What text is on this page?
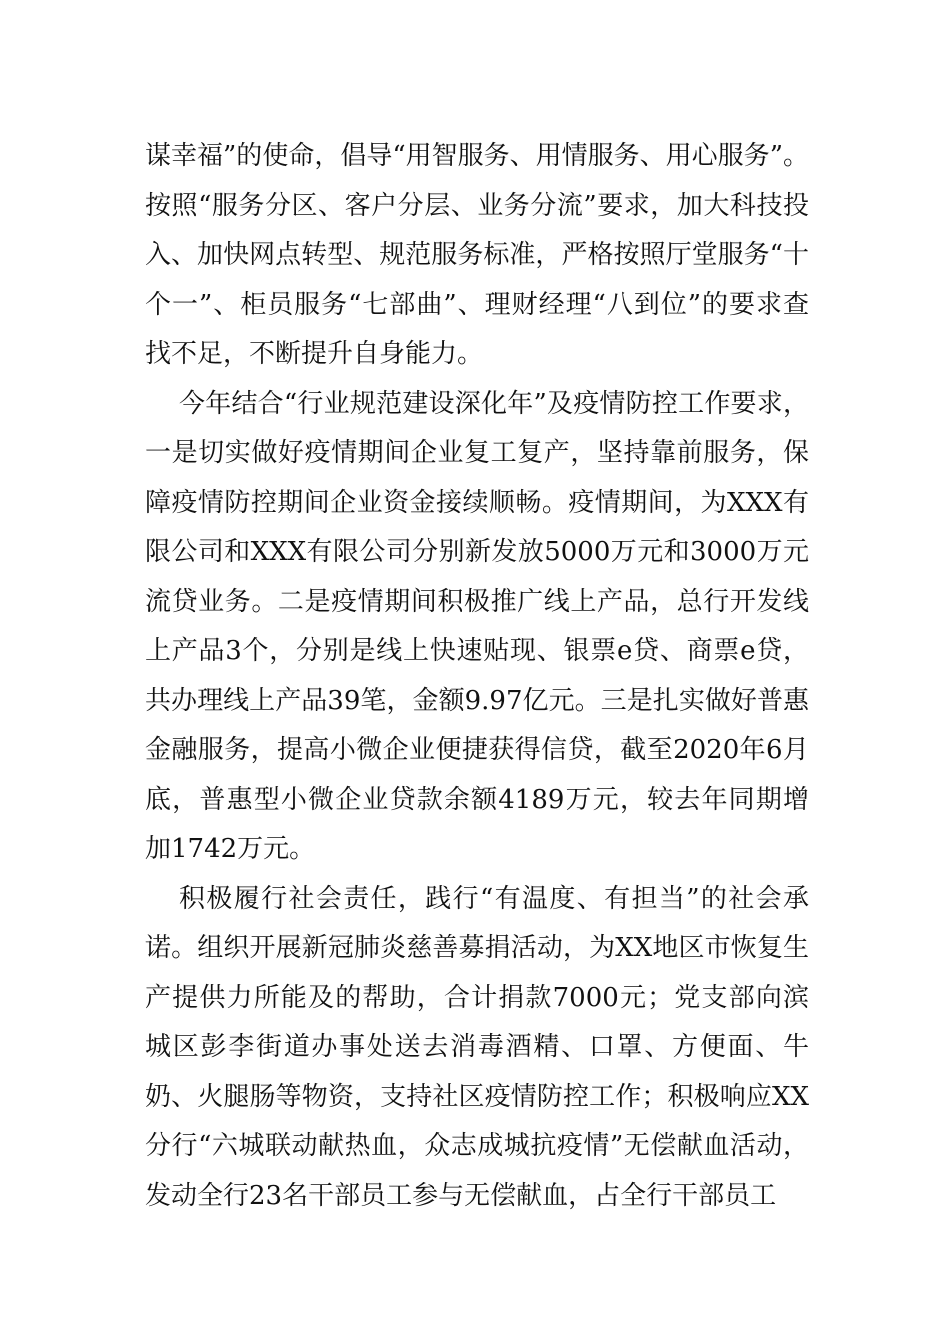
谋幸福”的使命，倡导“用智服务、用情服务、用心服务”。按照“服务分区、客户分层、业务分流”要求，加大科技投入、加快网点转型、规范服务标准，严格按照厅堂服务“十个一”、柜员服务“七部曲”、理财经理“八到位”的要求查找不足，不断提升自身能力。

今年结合“行业规范建设深化年”及疫情防控工作要求，一是切实做好疫情期间企业复工复产，坚持靠前服务，保障疫情防控期间企业资金接续顺畅。疫情期间，为XXX有限公司和XXX有限公司分别新发放5000万元和3000万元流贷业务。二是疫情期间积极推广线上产品，总行开发线上产品3个，分别是线上快速贴现、银票e贷、商票e贷，共办理线上产品39笔，金额9.97亿元。三是扎实做好普惠金融服务，提高小微企业便捷获得信贷，截至2020年6月底，普惠型小微企业贷款余额4189万元，较去年同期增加1742万元。

积极履行社会责任，践行“有温度、有担当”的社会承诺。组织开展新冠肺炎慈善募捐活动，为XX地区市恢复生产提供力所能及的帮助，合计捐款7000元；党支部向滨城区彭李街道办事处送去消毒酒精、口罩、方便面、牛奶、火腿肠等物资，支持社区疫情防控工作；积极响应XX分行“六城联动献热血，众志成城抗疫情”无偿献血活动，发动全行23名干部员工参与无偿献血，占全行干部员工
